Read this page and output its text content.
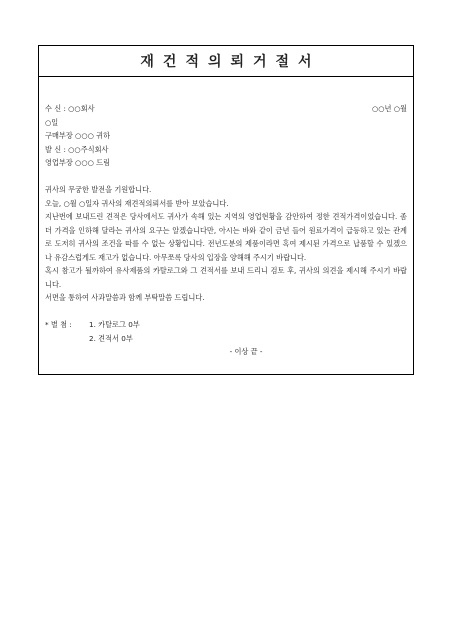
재건적의뢰거절서
수 신 : ○○회사	○○년 ○월
○일
구매부장 ○○○ 귀하
발 신 : ○○주식회사
영업부장 ○○○ 드림
귀사의 무궁한 발전을 기원합니다.
오늘, ○월 ○일자 귀사의 재견적의뢰서를 받아 보았습니다.
지난번에 보내드린 견적은 당사에서도 귀사가 속해 있는 지역의 영업현황을 감안하여 정한 견적가격이었습니다. 좀 더 가격을 인하해 달라는 귀사의 요구는 알겠습니다만, 아시는 바와 같이 금년 들어 원료가격이 급등하고 있는 관계로 도저히 귀사의 조건을 따를 수 없는 상황입니다. 전년도분의 제품이라면 혹여 제시된 가격으로 납품할 수 있겠으나 유감스럽게도 재고가 없습니다. 아무쪼록 당사의 입장을 양해해 주시기 바랍니다.
혹시 참고가 될까하여 유사제품의 카탈로그와 그 견적서를 보내 드리니 검토 후, 귀사의 의견을 제시해 주시기 바랍니다.
서면을 통하여 사과말씀과 함께 부탁말씀 드립니다.
* 별 첨 :	1. 카탈로그 0부
2. 견적서 0부
- 이상 끝 -
